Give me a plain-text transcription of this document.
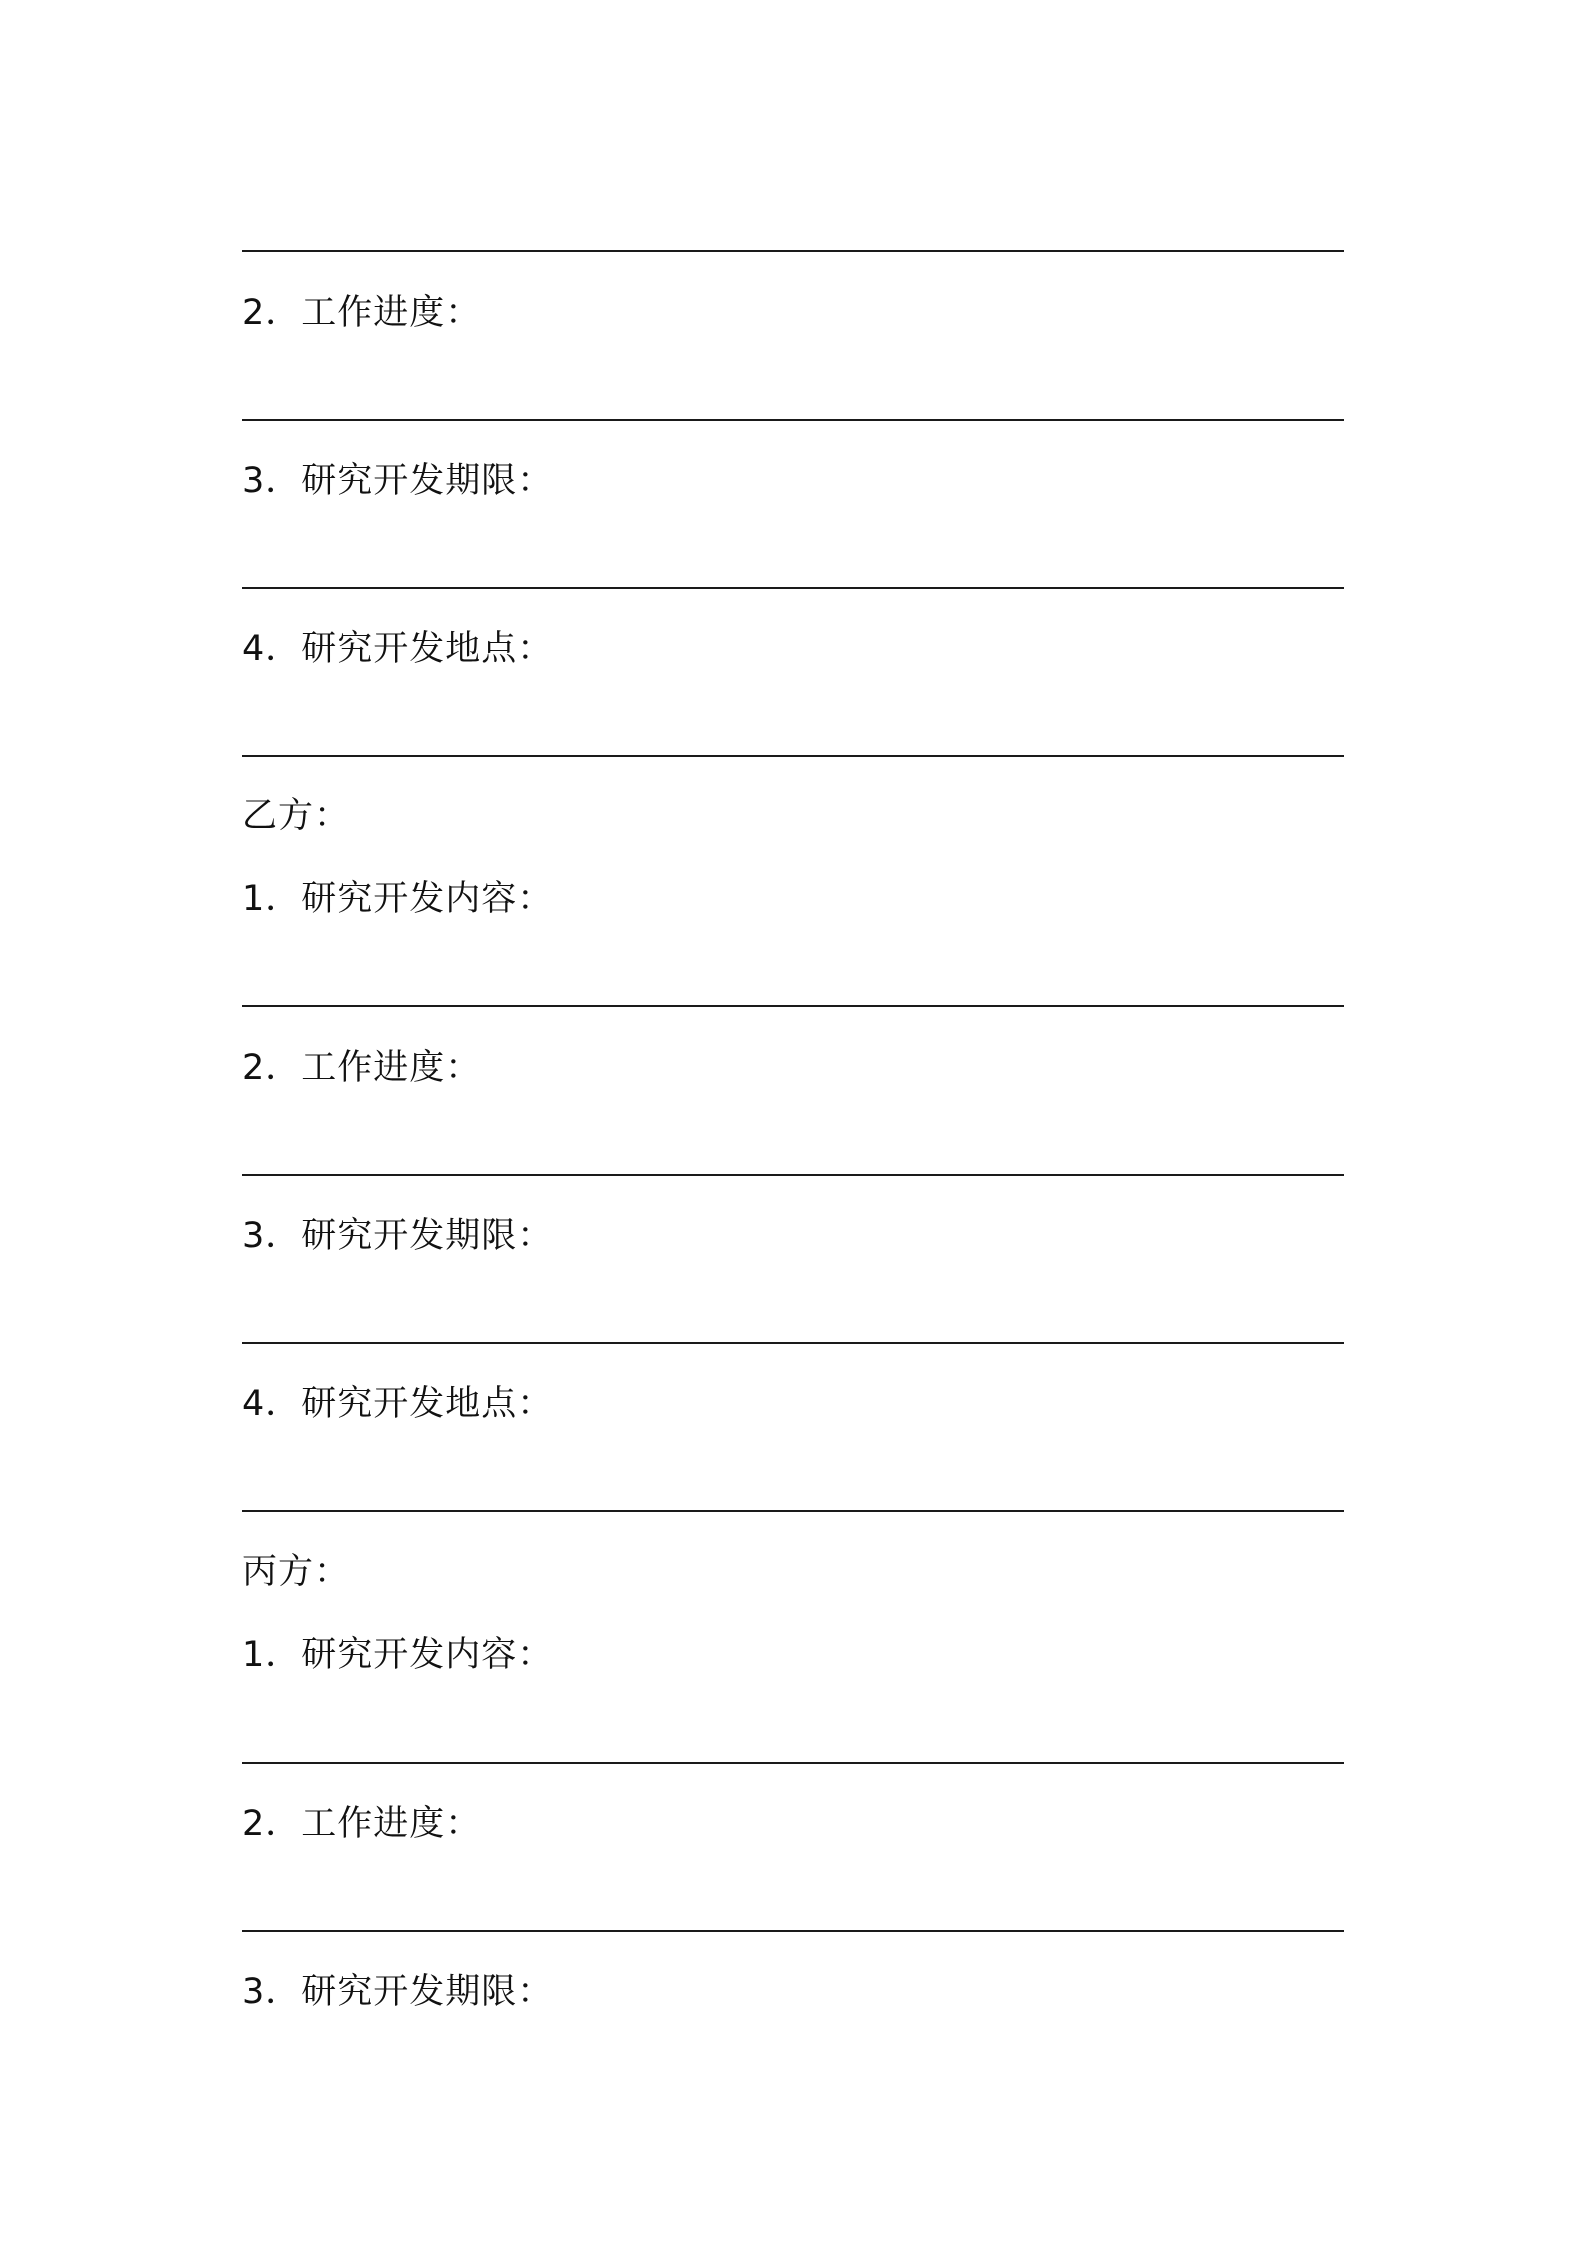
2．工作进度：
3．研究开发期限：
4．研究开发地点：
乙方：
1．研究开发内容：
2．工作进度：
3．研究开发期限：
4．研究开发地点：
丙方：
1．研究开发内容：
2．工作进度：
3．研究开发期限：
